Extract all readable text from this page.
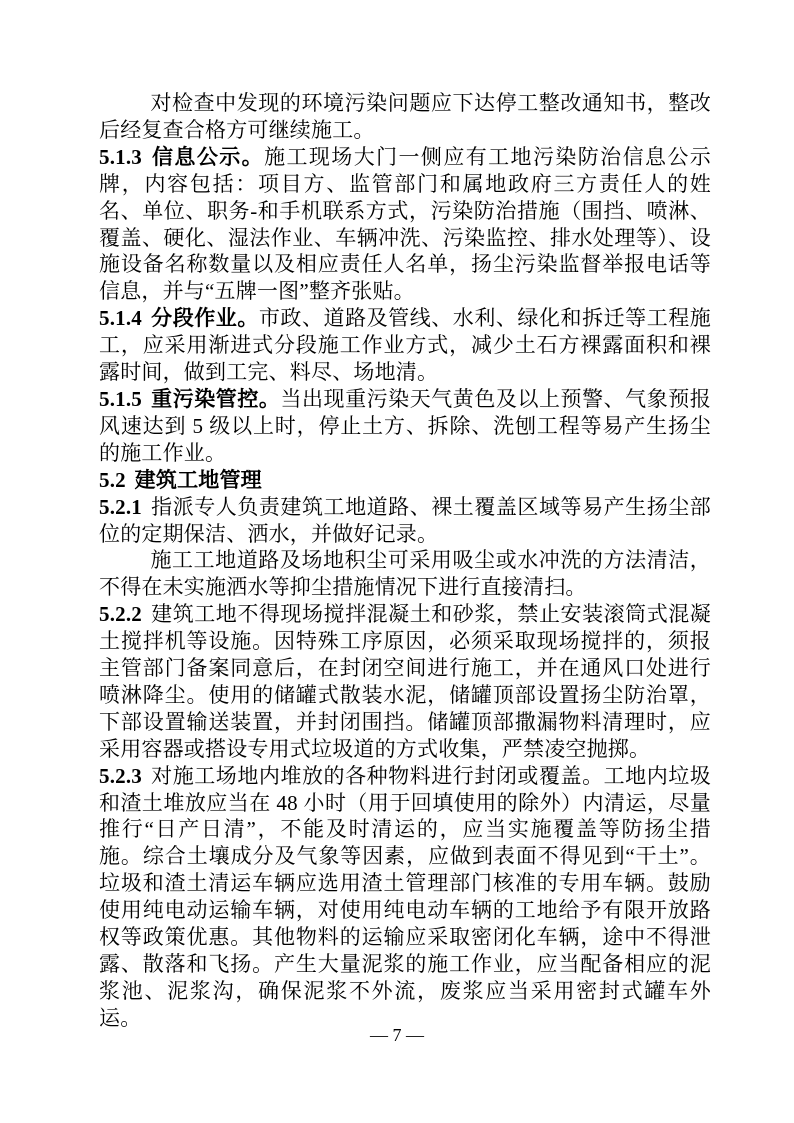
对检查中发现的环境污染问题应下达停工整改通知书，整改后经复查合格方可继续施工。

5.1.3 信息公示。施工现场大门一侧应有工地污染防治信息公示牌，内容包括：项目方、监管部门和属地政府三方责任人的姓名、单位、职务-和手机联系方式，污染防治措施（围挡、喷淋、覆盖、硬化、湿法作业、车辆冲洗、污染监控、排水处理等）、设施设备名称数量以及相应责任人名单，扬尘污染监督举报电话等信息，并与“五牌一图”整齐张贴。

5.1.4 分段作业。市政、道路及管线、水利、绿化和拆迁等工程施工，应采用渐进式分段施工作业方式，减少土石方裸露面积和裸露时间，做到工完、料尽、场地清。

5.1.5 重污染管控。当出现重污染天气黄色及以上预警、气象预报风速达到 5 级以上时，停止土方、拆除、洗刨工程等易产生扬尘的施工作业。

5.2 建筑工地管理

5.2.1 指派专人负责建筑工地道路、裸土覆盖区域等易产生扬尘部位的定期保洁、洒水，并做好记录。

施工工地道路及场地积尘可采用吸尘或水冲洗的方法清洁，不得在未实施洒水等抑尘措施情况下进行直接清扫。

5.2.2 建筑工地不得现场搅拌混凝土和砂浆，禁止安装滚筒式混凝土搅拌机等设施。因特殊工序原因，必须采取现场搅拌的，须报主管部门备案同意后，在封闭空间进行施工，并在通风口处进行喷淋降尘。使用的储罐式散装水泥，储罐顶部设置扬尘防治罩，下部设置输送装置，并封闭围挡。储罐顶部撒漏物料清理时，应采用容器或搭设专用式垃圾道的方式收集，严禁凌空抛掷。

5.2.3 对施工场地内堆放的各种物料进行封闭或覆盖。工地内垃圾和渣土堆放应当在 48 小时（用于回填使用的除外）内清运，尽量推行“日产日清”，不能及时清运的，应当实施覆盖等防扬尘措施。综合土壤成分及气象等因素，应做到表面不得见到“干土”。垃圾和渣土清运车辆应选用渣土管理部门核准的专用车辆。鼓励使用纯电动运输车辆，对使用纯电动车辆的工地给予有限开放路权等政策优惠。其他物料的运输应采取密闭化车辆，途中不得泄露、散落和飞扬。产生大量泥浆的施工作业，应当配备相应的泥浆池、泥浆沟，确保泥浆不外流，废浆应当采用密封式罐车外运。

— 7 —
